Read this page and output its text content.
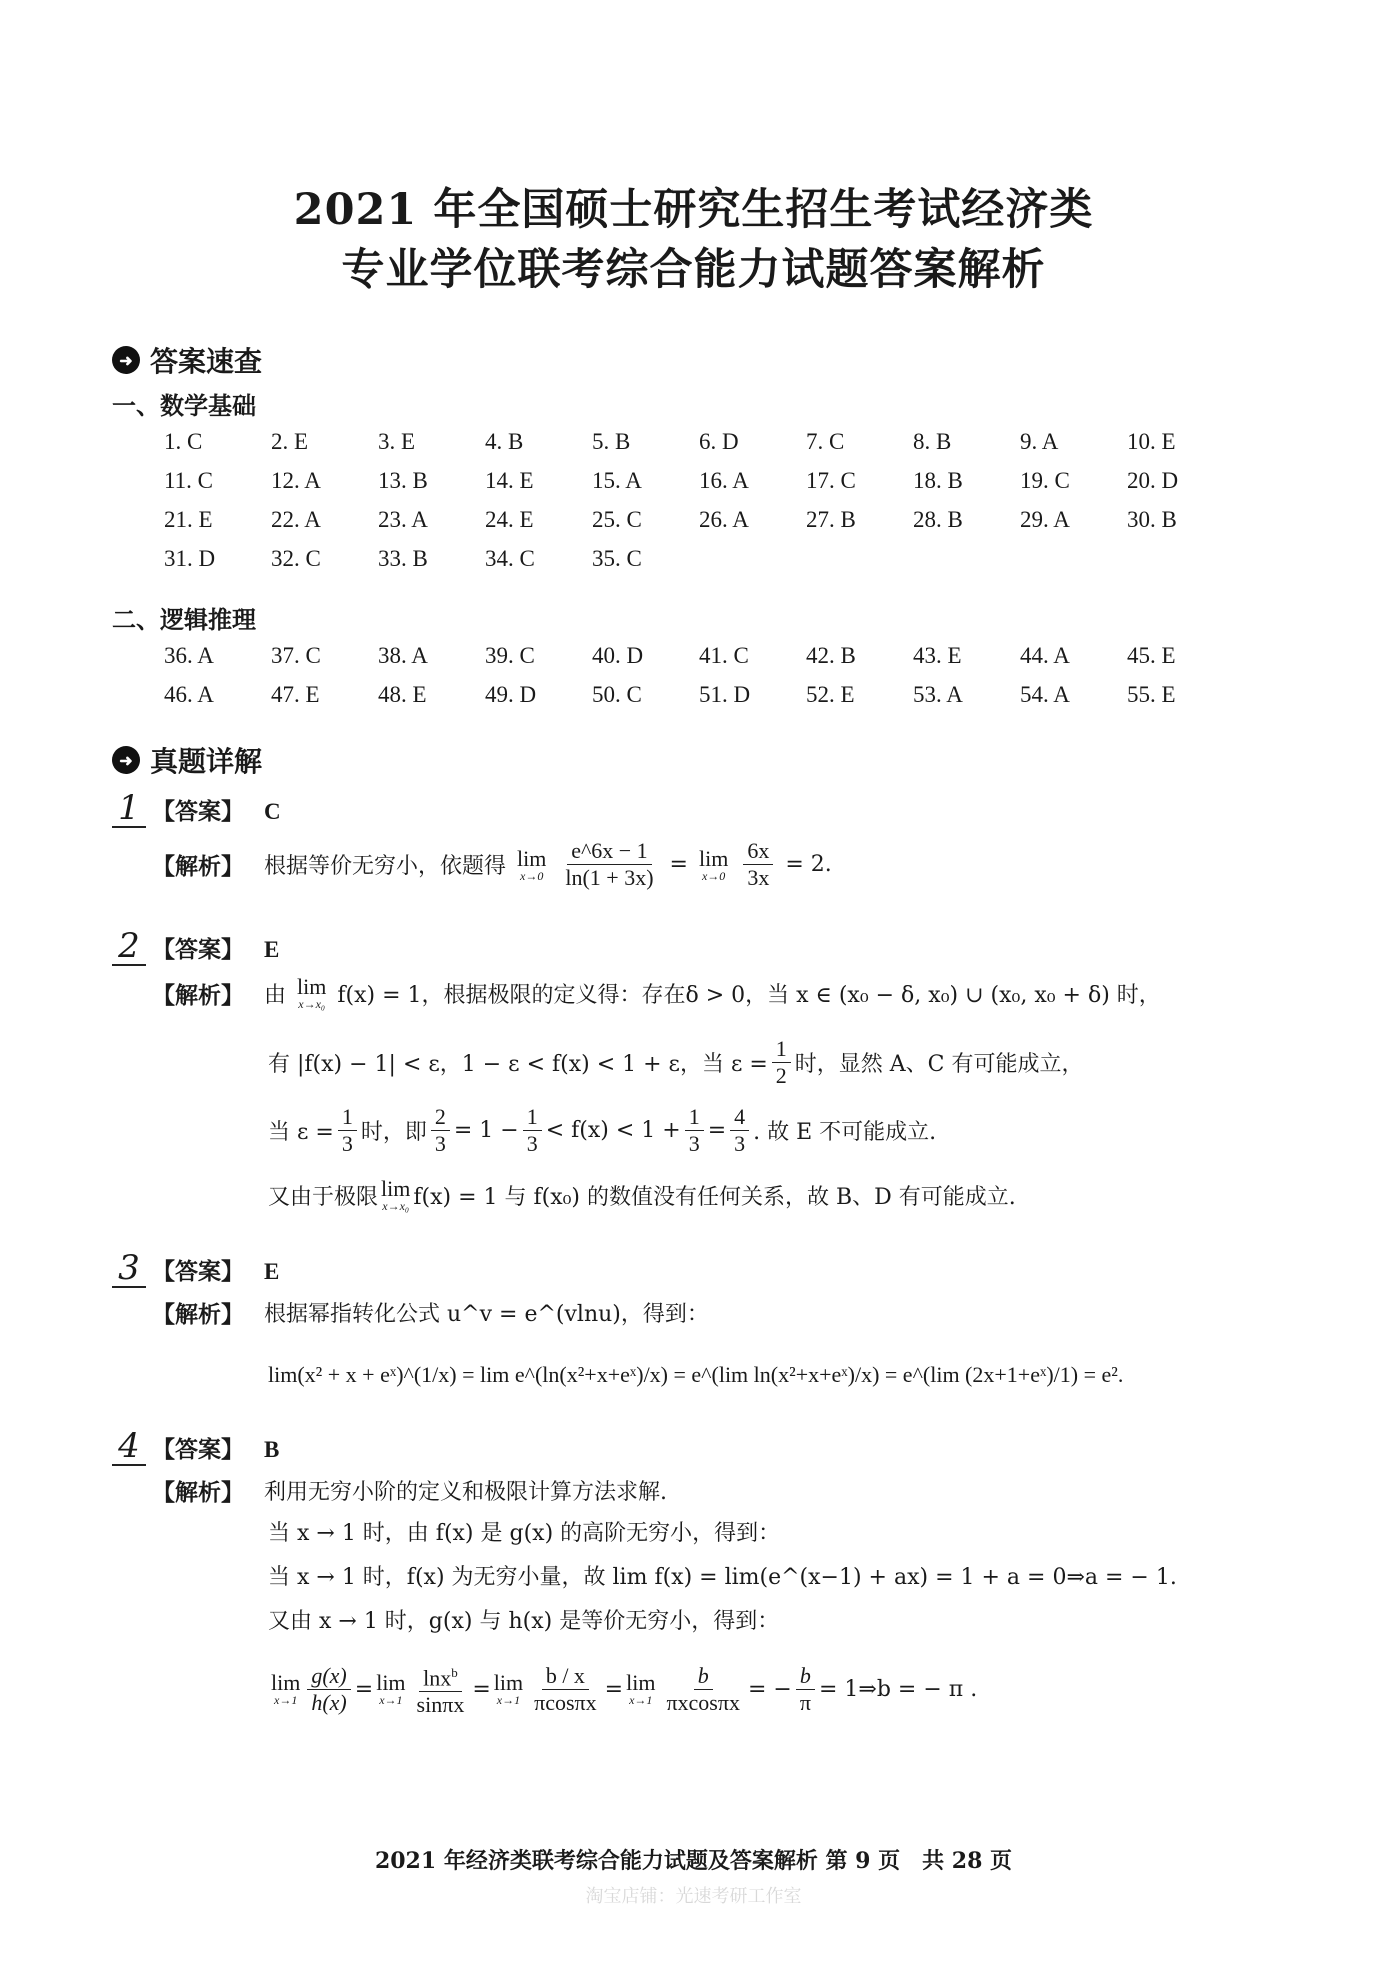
2021 年全国硕士研究生招生考试经济类
专业学位联考综合能力试题答案解析
➜ 答案速查
一、数学基础
1. C	2. E	3. E	4. B	5. B	6. D	7. C	8. B	9. A	10. E
11. C	12. A	13. B	14. E	15. A	16. A	17. C	18. B	19. C	20. D
21. E	22. A	23. A	24. E	25. C	26. A	27. B	28. B	29. A	30. B
31. D	32. C	33. B	34. C	35. C
二、逻辑推理
36. A	37. C	38. A	39. C	40. D	41. C	42. B	43. E	44. A	45. E
46. A	47. E	48. E	49. D	50. C	51. D	52. E	53. A	54. A	55. E
➜ 真题详解
1 【答案】 C
【解析】 根据等价无穷小，依题得 lim
$x\to 0 \frac{e\^{}6x - 1}{\ln(1 + 3x)} = \lim$
$x\to 0 \frac{6x}{3x} = 2$.
2 【答案】 E
【解析】 由 lim
x→x₀ f(x) = 1，根据极限的定义得：存在δ > 0，当 x ∈ (x₀ − δ, x₀) ∪ (x₀, x₀ + δ) 时，
有 |f(x) − 1| < ε，1 − ε < f(x) < 1 + ε，当 $\varepsilon = \frac{1}{2}$ 时，显然 A、C 有可能成立，
当 $\varepsilon = \frac{1}{3}$ 时，即 $\frac{2}{3} = 1 - \frac{1}{3} < f(x) < 1 + \frac{1}{3} = \frac{4}{3}$ . 故 E 不可能成立.
又由于极限 lim
x→x₀ f(x) = 1 与 f(x₀) 的数值没有任何关系，故 B、D 有可能成立.
3 【答案】 E
【解析】 根据幂指转化公式 u^v = e^(vlnu)，得到：
lim(x² + x + eˣ)^(1/x) = lim e^(ln(x²+x+eˣ)/x) = e^(lim ln(x²+x+eˣ)/x) = e^(lim (2x+1+eˣ)/1) = e².
4 【答案】 B
【解析】 利用无穷小阶的定义和极限计算方法求解.
当 x → 1 时，由 f(x) 是 g(x) 的高阶无穷小，得到：
当 x → 1 时，f(x) 为无穷小量，故 lim f(x) = lim(e^(x−1) + ax) = 1 + a = 0⇒a = − 1.
又由 x → 1 时，g(x) 与 h(x) 是等价无穷小，得到：
lim
$x\to 1 \frac{g(x)}{h(x)} = \lim$
$x\to 1 \frac{\ln x^b}{\sin\pi x} = \lim$
$x\to 1 \frac{b / x}{\pi\cos\pi x} = \lim$
$x\to 1 \frac{b}{\pi xcos\pi x}$ = − $\frac{b}{\pi}$ = 1⇒b = − π .
2021 年经济类联考综合能力试题及答案解析 第 9 页　共 28 页
淘宝店铺：光速考研工作室
